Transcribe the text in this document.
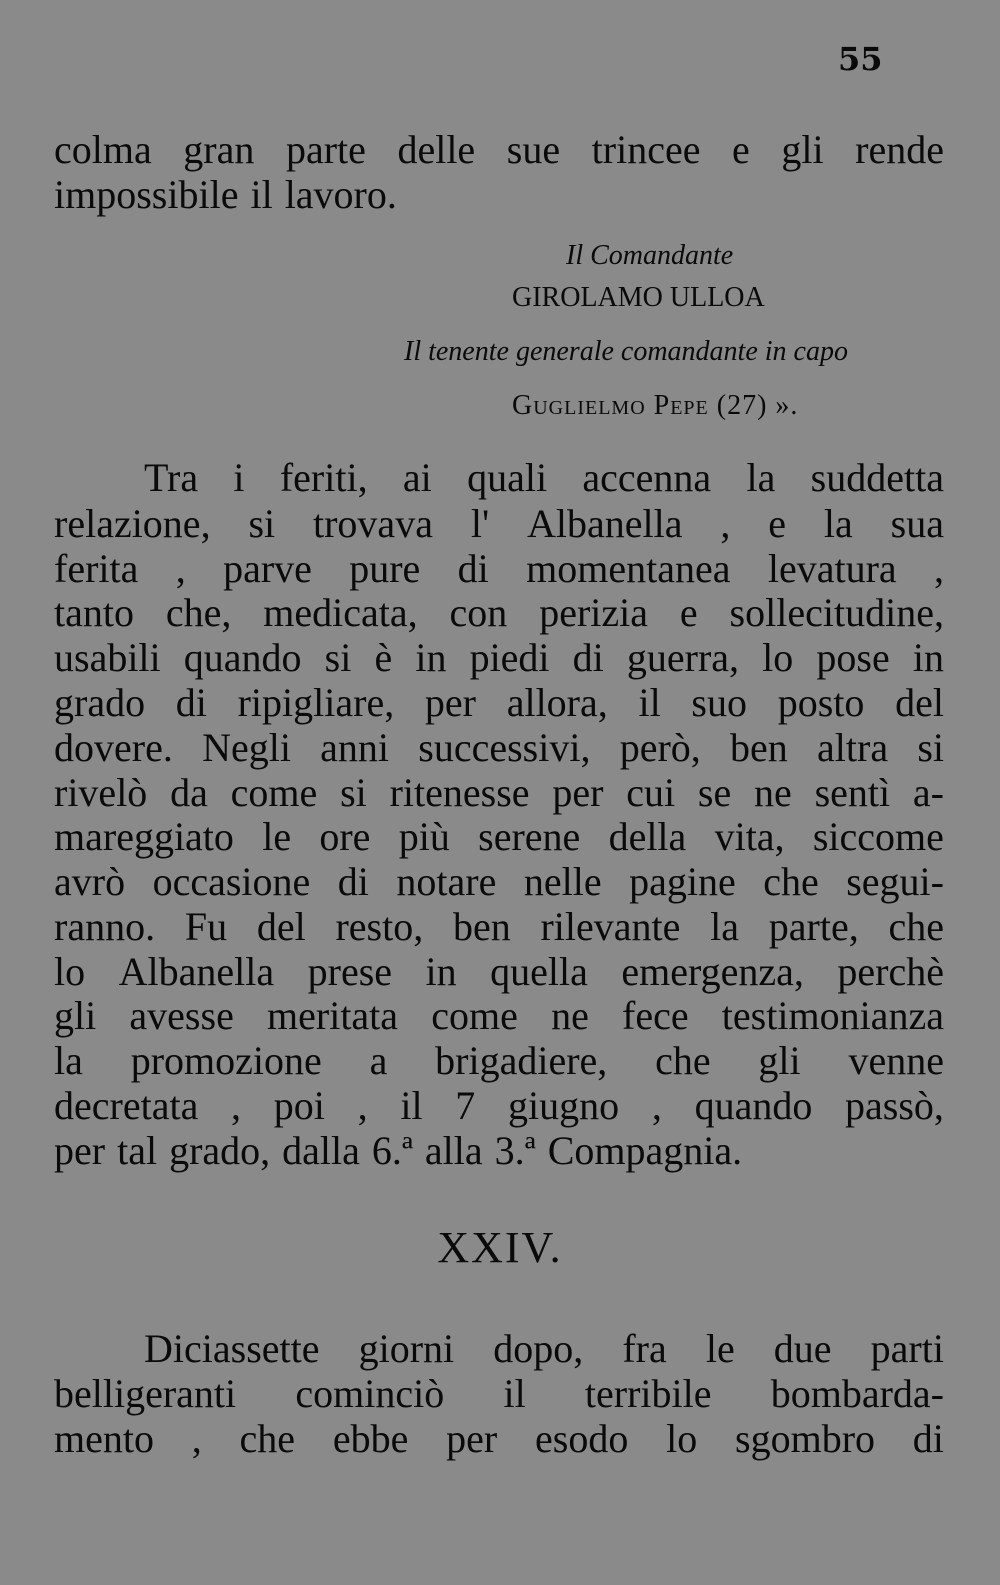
55
colma gran parte delle sue trincee e gli rende
impossibile il lavoro.
Il Comandante
GIROLAMO ULLOA
Il tenente generale comandante in capo
Guglielmo Pepe (27) ».
Tra i feriti, ai quali accenna la suddetta
relazione, si trovava l' Albanella , e la sua
ferita , parve pure di momentanea levatura ,
tanto che, medicata, con perizia e sollecitudine,
usabili quando si è in piedi di guerra, lo pose in
grado di ripigliare, per allora, il suo posto del
dovere. Negli anni successivi, però, ben altra si
rivelò da come si ritenesse per cui se ne sentì a-
mareggiato le ore più serene della vita, siccome
avrò occasione di notare nelle pagine che segui-
ranno. Fu del resto, ben rilevante la parte, che
lo Albanella prese in quella emergenza, perchè
gli avesse meritata come ne fece testimonianza
la promozione a brigadiere, che gli venne
decretata , poi , il 7 giugno , quando passò,
per tal grado, dalla 6.ª alla 3.ª Compagnia.
XXIV.
Diciassette giorni dopo, fra le due parti
belligeranti cominciò il terribile bombarda-
mento , che ebbe per esodo lo sgombro di
